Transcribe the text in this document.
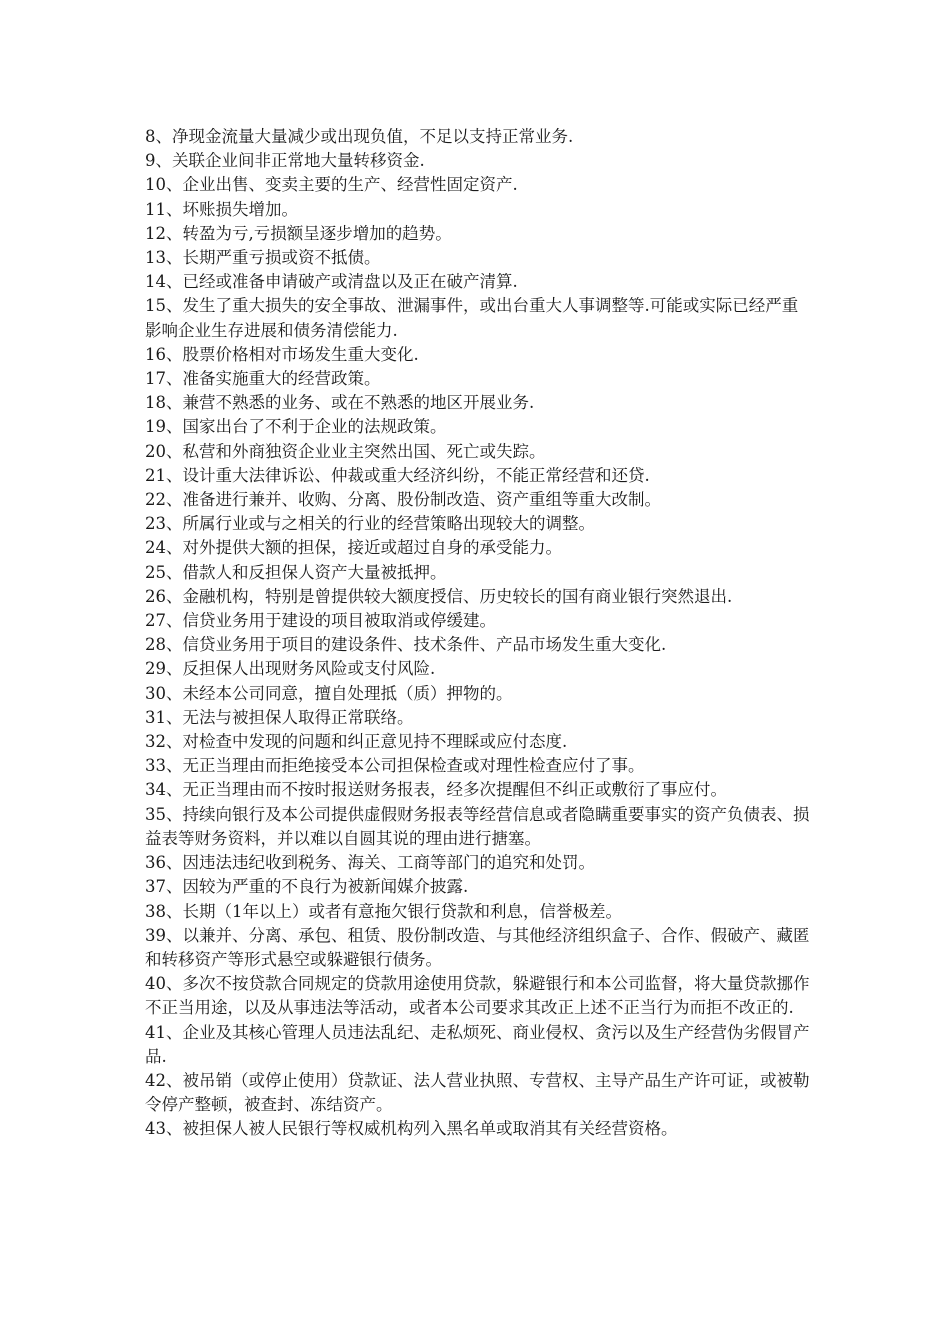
8、净现金流量大量减少或出现负值，不足以支持正常业务.

9、关联企业间非正常地大量转移资金.

10、企业出售、变卖主要的生产、经营性固定资产.

11、坏账损失增加。

12、转盈为亏,亏损额呈逐步增加的趋势。

13、长期严重亏损或资不抵债。

14、已经或准备申请破产或清盘以及正在破产清算.

15、发生了重大损失的安全事故、泄漏事件，或出台重大人事调整等.可能或实际已经严重影响企业生存进展和债务清偿能力.

16、股票价格相对市场发生重大变化.

17、准备实施重大的经营政策。

18、兼营不熟悉的业务、或在不熟悉的地区开展业务.

19、国家出台了不利于企业的法规政策。

20、私营和外商独资企业业主突然出国、死亡或失踪。

21、设计重大法律诉讼、仲裁或重大经济纠纷，不能正常经营和还贷.

22、准备进行兼并、收购、分离、股份制改造、资产重组等重大改制。

23、所属行业或与之相关的行业的经营策略出现较大的调整。

24、对外提供大额的担保，接近或超过自身的承受能力。

25、借款人和反担保人资产大量被抵押。

26、金融机构，特别是曾提供较大额度授信、历史较长的国有商业银行突然退出.

27、信贷业务用于建设的项目被取消或停缓建。

28、信贷业务用于项目的建设条件、技术条件、产品市场发生重大变化.

29、反担保人出现财务风险或支付风险.

30、未经本公司同意，擅自处理抵（质）押物的。

31、无法与被担保人取得正常联络。

32、对检查中发现的问题和纠正意见持不理睬或应付态度.

33、无正当理由而拒绝接受本公司担保检查或对理性检查应付了事。

34、无正当理由而不按时报送财务报表，经多次提醒但不纠正或敷衍了事应付。

35、持续向银行及本公司提供虚假财务报表等经营信息或者隐瞒重要事实的资产负债表、损益表等财务资料，并以难以自圆其说的理由进行搪塞。

36、因违法违纪收到税务、海关、工商等部门的追究和处罚。

37、因较为严重的不良行为被新闻媒介披露.

38、长期（1年以上）或者有意拖欠银行贷款和利息，信誉极差。

39、以兼并、分离、承包、租赁、股份制改造、与其他经济组织盒子、合作、假破产、藏匿和转移资产等形式悬空或躲避银行债务。

40、多次不按贷款合同规定的贷款用途使用贷款，躲避银行和本公司监督，将大量贷款挪作不正当用途，以及从事违法等活动，或者本公司要求其改正上述不正当行为而拒不改正的.

41、企业及其核心管理人员违法乱纪、走私烦死、商业侵权、贪污以及生产经营伪劣假冒产品.

42、被吊销（或停止使用）贷款证、法人营业执照、专营权、主导产品生产许可证，或被勒令停产整顿，被查封、冻结资产。

43、被担保人被人民银行等权威机构列入黑名单或取消其有关经营资格。
